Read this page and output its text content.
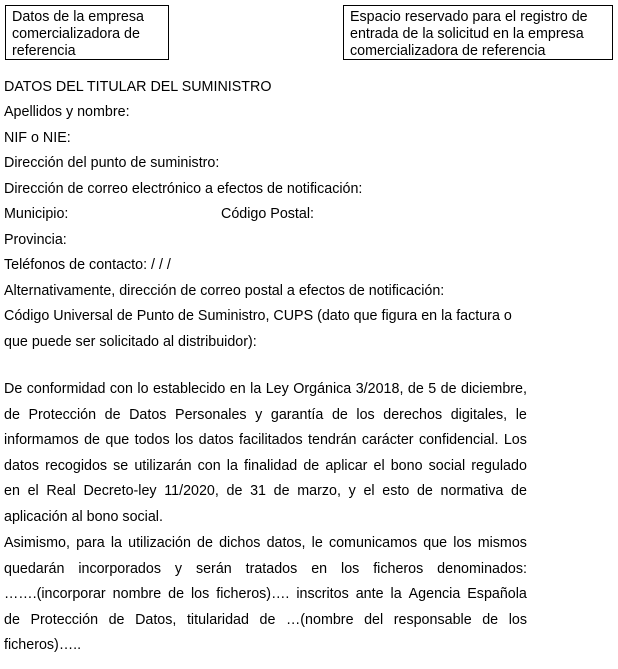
Datos de la empresa
comercializadora de
referencia
Espacio reservado para el registro de
entrada de la solicitud en la empresa
comercializadora de referencia
DATOS DEL TITULAR DEL SUMINISTRO
Apellidos y nombre:
NIF o NIE:
Dirección del punto de suministro:
Dirección de correo electrónico a efectos de notificación:
Municipio:	Código Postal:
Provincia:
Teléfonos de contacto: / / /
Alternativamente, dirección de correo postal a efectos de notificación:
Código Universal de Punto de Suministro, CUPS (dato que figura en la factura o
que puede ser solicitado al distribuidor):
De conformidad con lo establecido en la Ley Orgánica 3/2018, de 5 de diciembre,
de Protección de Datos Personales y garantía de los derechos digitales, le
informamos de que todos los datos facilitados tendrán carácter confidencial. Los
datos recogidos se utilizarán con la finalidad de aplicar el bono social regulado
en el Real Decreto-ley 11/2020, de 31 de marzo, y el esto de normativa de
aplicación al bono social.
Asimismo, para la utilización de dichos datos, le comunicamos que los mismos
quedarán incorporados y serán tratados en los ficheros denominados:
…….(incorporar nombre de los ficheros)…. inscritos ante la Agencia Española
de Protección de Datos, titularidad de …(nombre del responsable de los
ficheros)…..
